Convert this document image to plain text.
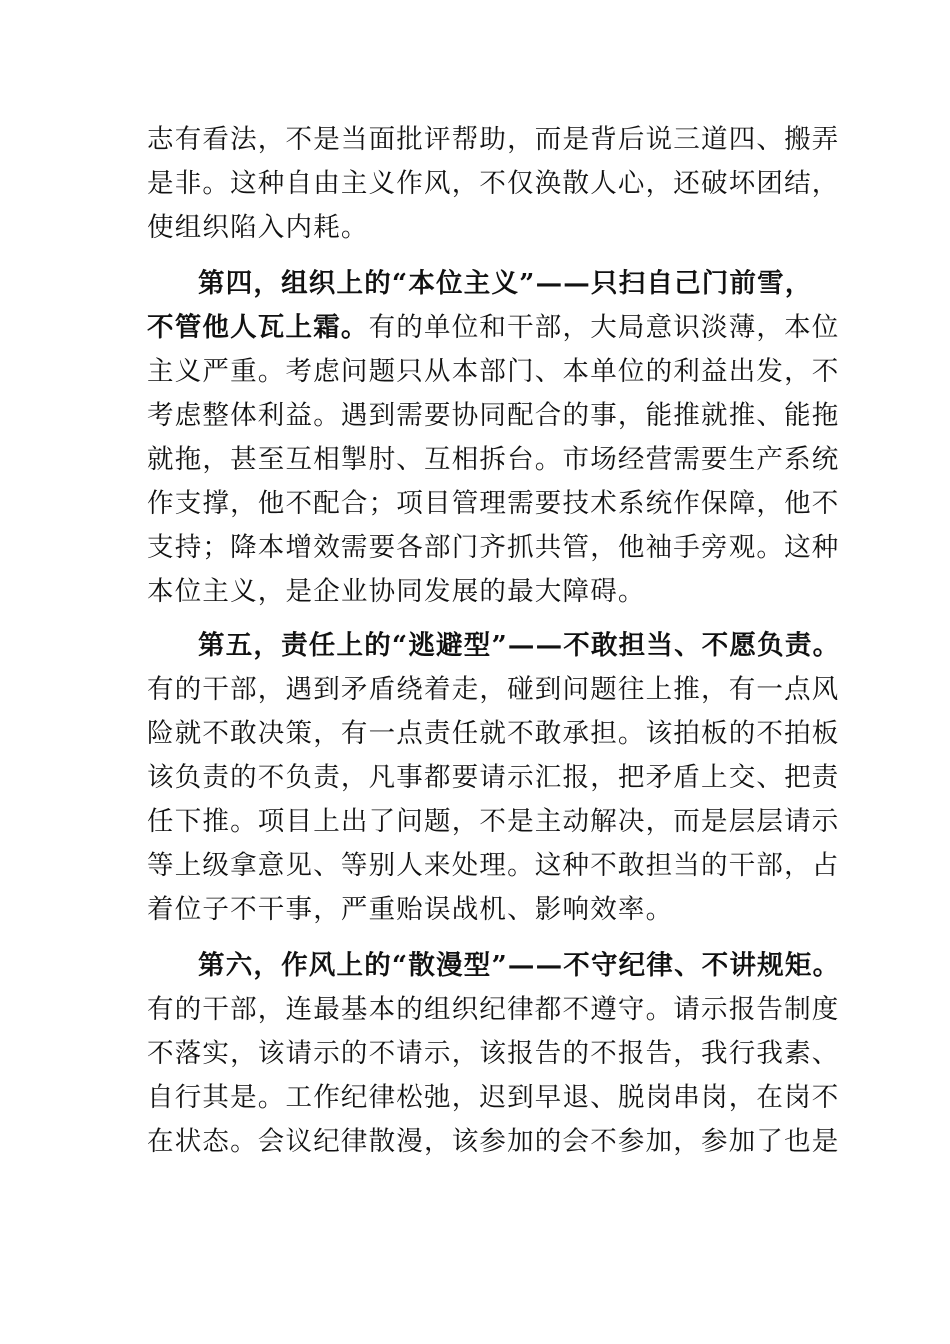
志有看法，不是当面批评帮助，而是背后说三道四、搬弄
是非。这种自由主义作风，不仅涣散人心，还破坏团结，
使组织陷入内耗。
第四，组织上的“本位主义”——只扫自己门前雪，
不管他人瓦上霜。有的单位和干部，大局意识淡薄，本位
主义严重。考虑问题只从本部门、本单位的利益出发，不
考虑整体利益。遇到需要协同配合的事，能推就推、能拖
就拖，甚至互相掣肘、互相拆台。市场经营需要生产系统
作支撑，他不配合；项目管理需要技术系统作保障，他不
支持；降本增效需要各部门齐抓共管，他袖手旁观。这种
本位主义，是企业协同发展的最大障碍。
第五，责任上的“逃避型”——不敢担当、不愿负责。
有的干部，遇到矛盾绕着走，碰到问题往上推，有一点风
险就不敢决策，有一点责任就不敢承担。该拍板的不拍板
该负责的不负责，凡事都要请示汇报，把矛盾上交、把责
任下推。项目上出了问题，不是主动解决，而是层层请示
等上级拿意见、等别人来处理。这种不敢担当的干部，占
着位子不干事，严重贻误战机、影响效率。
第六，作风上的“散漫型”——不守纪律、不讲规矩。
有的干部，连最基本的组织纪律都不遵守。请示报告制度
不落实，该请示的不请示，该报告的不报告，我行我素、
自行其是。工作纪律松弛，迟到早退、脱岗串岗，在岗不
在状态。会议纪律散漫，该参加的会不参加，参加了也是
